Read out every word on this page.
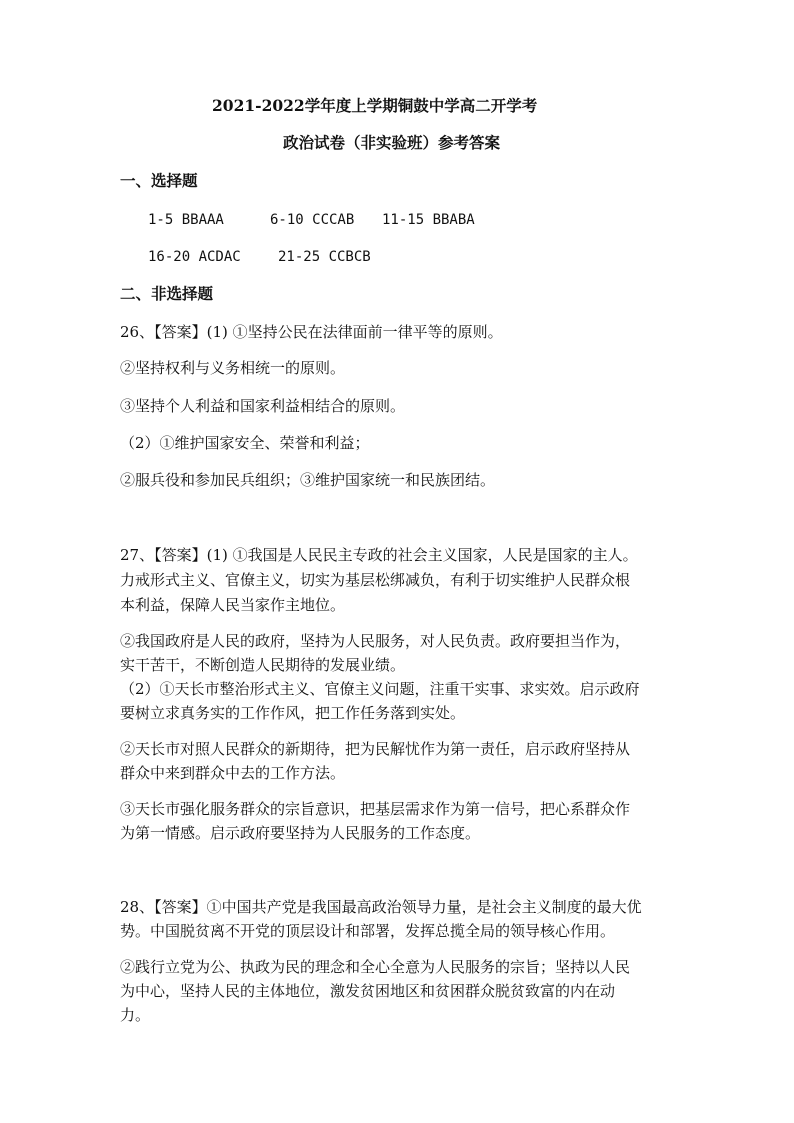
2021-2022学年度上学期铜鼓中学高二开学考
政治试卷（非实验班）参考答案
一、选择题
1-5 BBAAA	6-10 CCCAB 11-15 BBABA
16-20 ACDAC	21-25 CCBCB
二、非选择题
26、【答案】(1) ①坚持公民在法律面前一律平等的原则。
②坚持权利与义务相统一的原则。
③坚持个人利益和国家利益相结合的原则。
（2）①维护国家安全、荣誉和利益；
②服兵役和参加民兵组织；③维护国家统一和民族团结。
27、【答案】(1) ①我国是人民民主专政的社会主义国家，人民是国家的主人。
力戒形式主义、官僚主义，切实为基层松绑减负，有利于切实维护人民群众根
本利益，保障人民当家作主地位。
②我国政府是人民的政府，坚持为人民服务，对人民负责。政府要担当作为，
实干苦干，不断创造人民期待的发展业绩。
（2）①天长市整治形式主义、官僚主义问题，注重干实事、求实效。启示政府
要树立求真务实的工作作风，把工作任务落到实处。
②天长市对照人民群众的新期待，把为民解忧作为第一责任，启示政府坚持从
群众中来到群众中去的工作方法。
③天长市强化服务群众的宗旨意识，把基层需求作为第一信号，把心系群众作
为第一情感。启示政府要坚持为人民服务的工作态度。
28、【答案】①中国共产党是我国最高政治领导力量，是社会主义制度的最大优
势。中国脱贫离不开党的顶层设计和部署，发挥总揽全局的领导核心作用。
②践行立党为公、执政为民的理念和全心全意为人民服务的宗旨；坚持以人民
为中心，坚持人民的主体地位，激发贫困地区和贫困群众脱贫致富的内在动
力。
